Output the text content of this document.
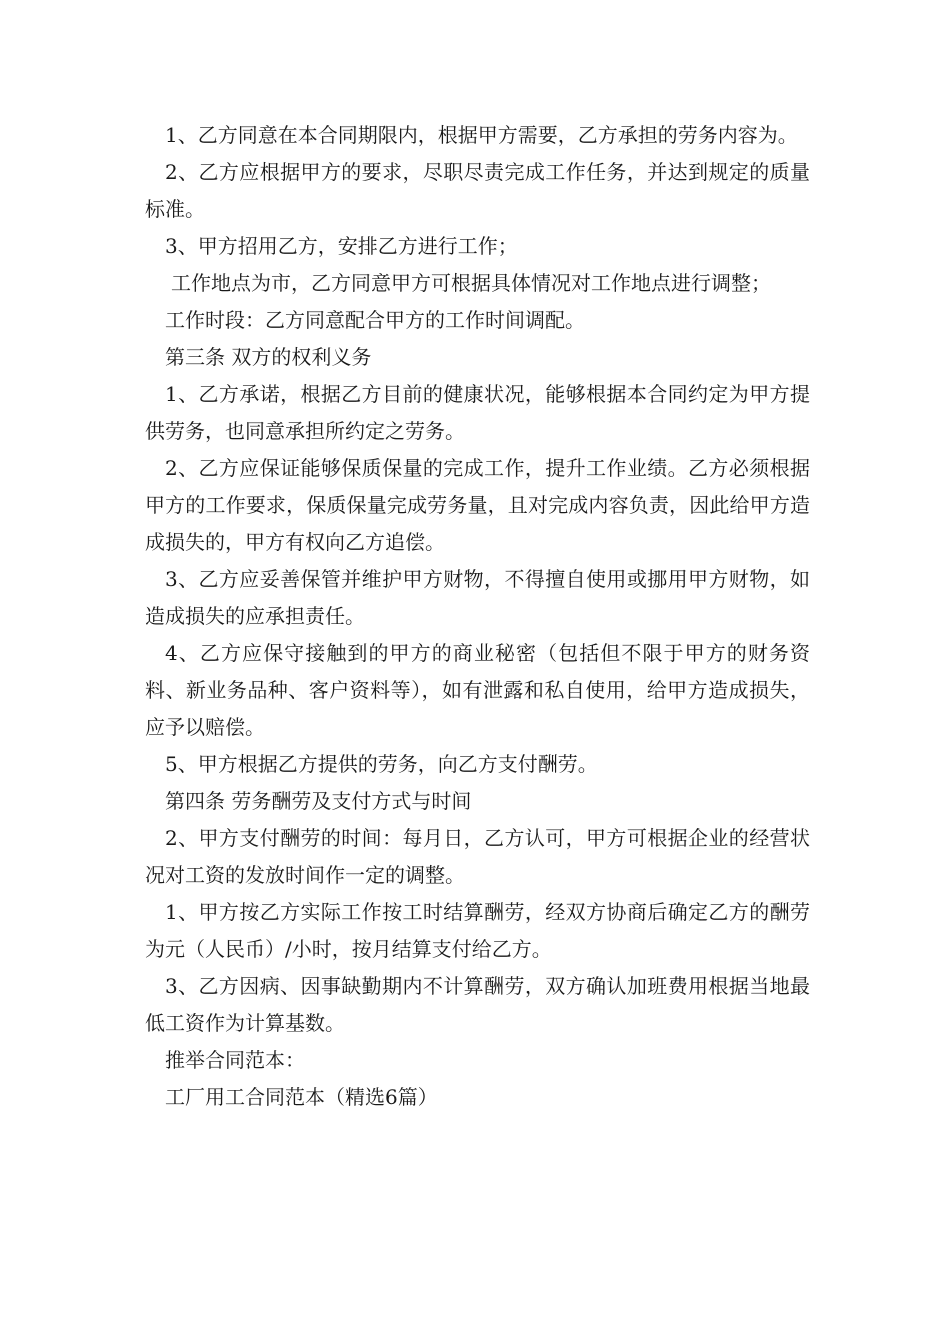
1、乙方同意在本合同期限内，根据甲方需要，乙方承担的劳务内容为。

2、乙方应根据甲方的要求，尽职尽责完成工作任务，并达到规定的质量标准。

3、甲方招用乙方，安排乙方进行工作；

工作地点为市，乙方同意甲方可根据具体情况对工作地点进行调整；

工作时段：乙方同意配合甲方的工作时间调配。

第三条 双方的权利义务

1、乙方承诺，根据乙方目前的健康状况，能够根据本合同约定为甲方提供劳务，也同意承担所约定之劳务。

2、乙方应保证能够保质保量的完成工作，提升工作业绩。乙方必须根据甲方的工作要求，保质保量完成劳务量，且对完成内容负责，因此给甲方造成损失的，甲方有权向乙方追偿。

3、乙方应妥善保管并维护甲方财物，不得擅自使用或挪用甲方财物，如造成损失的应承担责任。

4、乙方应保守接触到的甲方的商业秘密（包括但不限于甲方的财务资料、新业务品种、客户资料等），如有泄露和私自使用，给甲方造成损失，应予以赔偿。

5、甲方根据乙方提供的劳务，向乙方支付酬劳。

第四条 劳务酬劳及支付方式与时间

2、甲方支付酬劳的时间：每月日，乙方认可，甲方可根据企业的经营状况对工资的发放时间作一定的调整。

1、甲方按乙方实际工作按工时结算酬劳，经双方协商后确定乙方的酬劳为元（人民币）/小时，按月结算支付给乙方。

3、乙方因病、因事缺勤期内不计算酬劳，双方确认加班费用根据当地最低工资作为计算基数。

推举合同范本：

工厂用工合同范本（精选6篇）
